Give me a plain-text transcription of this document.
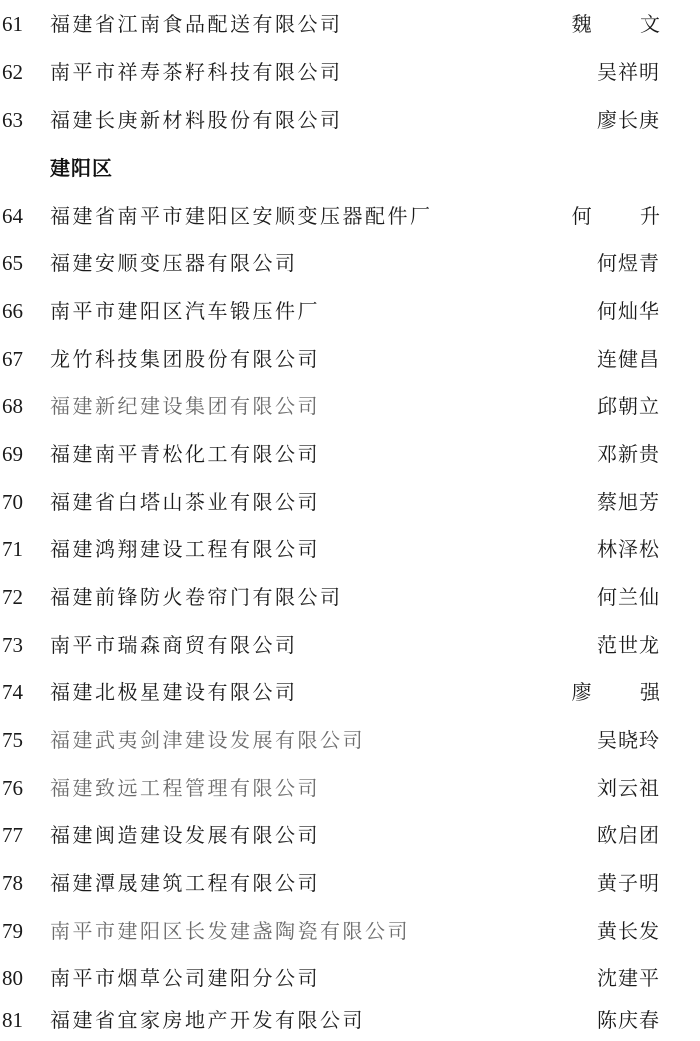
61 福建省江南食品配送有限公司	魏 文
62 南平市祥寿茶籽科技有限公司	吴祥明
63 福建长庚新材料股份有限公司	廖长庚
建阳区
64 福建省南平市建阳区安顺变压器配件厂	何 升
65 福建安顺变压器有限公司	何煜青
66 南平市建阳区汽车锻压件厂	何灿华
67 龙竹科技集团股份有限公司	连健昌
68 福建新纪建设集团有限公司	邱朝立
69 福建南平青松化工有限公司	邓新贵
70 福建省白塔山茶业有限公司	蔡旭芳
71 福建鸿翔建设工程有限公司	林泽松
72 福建前锋防火卷帘门有限公司	何兰仙
73 南平市瑞森商贸有限公司	范世龙
74 福建北极星建设有限公司	廖 强
75 福建武夷剑津建设发展有限公司	吴晓玲
76 福建致远工程管理有限公司	刘云祖
77 福建闽造建设发展有限公司	欧启团
78 福建潭晟建筑工程有限公司	黄子明
79 南平市建阳区长发建盏陶瓷有限公司	黄长发
80 南平市烟草公司建阳分公司	沈建平
81 福建省宜家房地产开发有限公司	陈庆春
